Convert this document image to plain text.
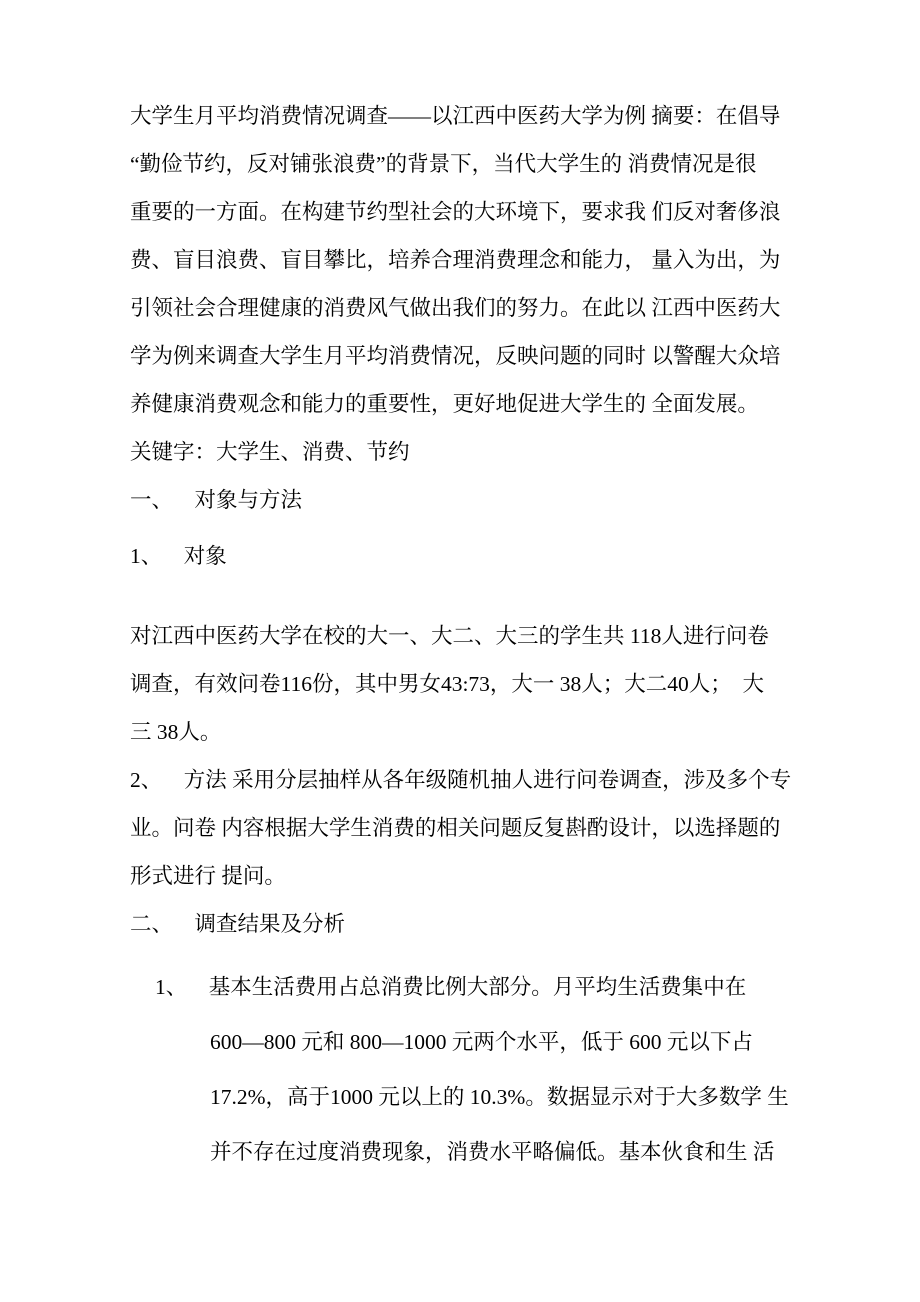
大学生月平均消费情况调查——以江西中医药大学为例 摘要：在倡导
“勤俭节约，反对铺张浪费”的背景下，当代大学生的 消费情况是很
重要的一方面。在构建节约型社会的大环境下，要求我 们反对奢侈浪
费、盲目浪费、盲目攀比，培养合理消费理念和能力， 量入为出，为
引领社会合理健康的消费风气做出我们的努力。在此以 江西中医药大
学为例来调查大学生月平均消费情况，反映问题的同时 以警醒大众培
养健康消费观念和能力的重要性，更好地促进大学生的 全面发展。
关键字：大学生、消费、节约
一、    对象与方法
1、    对象
对江西中医药大学在校的大一、大二、大三的学生共 118人进行问卷
调查，有效问卷116份，其中男女43:73，大一 38人；大二40人；  大
三 38人。
2、    方法 采用分层抽样从各年级随机抽人进行问卷调查，涉及多个专
业。问卷 内容根据大学生消费的相关问题反复斟酌设计，以选择题的
形式进行 提问。
二、    调查结果及分析
1、    基本生活费用占总消费比例大部分。月平均生活费集中在
600—800 元和 800—1000 元两个水平，低于 600 元以下占
17.2%，高于1000 元以上的 10.3%。数据显示对于大多数学 生
并不存在过度消费现象，消费水平略偏低。基本伙食和生 活
